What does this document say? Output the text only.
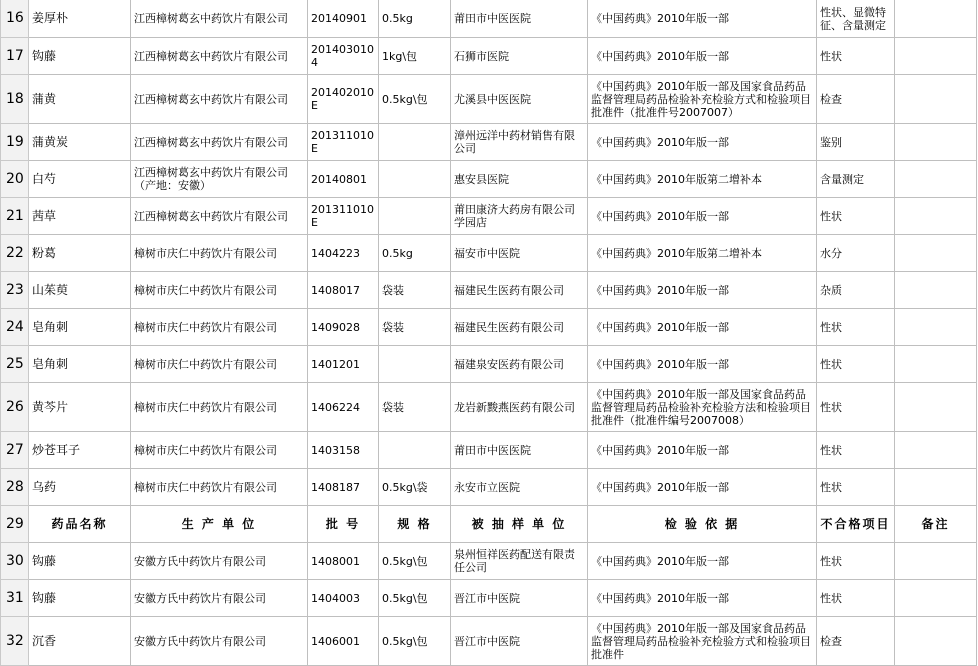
16	姜厚朴	江西樟树葛玄中药饮片有限公司	20140901	0.5kg	莆田市中医医院	《中国药典》2010年版一部	性状、显微特征、含量测定	
17	钩藤	江西樟树葛玄中药饮片有限公司	2014030104	1kg\包	石狮市医院	《中国药典》2010年版一部	性状	
18	蒲黄	江西樟树葛玄中药饮片有限公司	201402010E	0.5kg\包	尤溪县中医医院	《中国药典》2010年版一部及国家食品药品监督管理局药品检验补充检验方式和检验项目批准件（批准件号2007007）	检查	
19	蒲黄炭	江西樟树葛玄中药饮片有限公司	201311010E		漳州远洋中药材销售有限公司	《中国药典》2010年版一部	鉴别	
20	白芍	江西樟树葛玄中药饮片有限公司（产地：安徽）	20140801		惠安县医院	《中国药典》2010年版第二增补本	含量测定	
21	茜草	江西樟树葛玄中药饮片有限公司	201311010E		莆田康济大药房有限公司学园店	《中国药典》2010年版一部	性状	
22	粉葛	樟树市庆仁中药饮片有限公司	1404223	0.5kg	福安市中医院	《中国药典》2010年版第二增补本	水分	
23	山茱萸	樟树市庆仁中药饮片有限公司	1408017	袋装	福建民生医药有限公司	《中国药典》2010年版一部	杂质	
24	皂角刺	樟树市庆仁中药饮片有限公司	1409028	袋装	福建民生医药有限公司	《中国药典》2010年版一部	性状	
25	皂角刺	樟树市庆仁中药饮片有限公司	1401201		福建泉安医药有限公司	《中国药典》2010年版一部	性状	
26	黄芩片	樟树市庆仁中药饮片有限公司	1406224	袋装	龙岩新黢燕医药有限公司	《中国药典》2010年版一部及国家食品药品监督管理局药品检验补充检验方法和检验项目批准件（批准件编号2007008）	性状	
27	炒苍耳子	樟树市庆仁中药饮片有限公司	1403158		莆田市中医医院	《中国药典》2010年版一部	性状	
28	乌药	樟树市庆仁中药饮片有限公司	1408187	0.5kg\袋	永安市立医院	《中国药典》2010年版一部	性状	
29	药品名称	生 产 单 位	批 号	规 格	被 抽 样 单 位	检 验 依 据	不合格项目	备注
30	钩藤	安徽方氏中药饮片有限公司	1408001	0.5kg\包	泉州恒祥医药配送有限责任公司	《中国药典》2010年版一部	性状	
31	钩藤	安徽方氏中药饮片有限公司	1404003	0.5kg\包	晋江市中医院	《中国药典》2010年版一部	性状	
32	沉香	安徽方氏中药饮片有限公司	1406001	0.5kg\包	晋江市中医院	《中国药典》2010年版一部及国家食品药品监督管理局药品检验补充检验方式和检验项目批准件	检查	
